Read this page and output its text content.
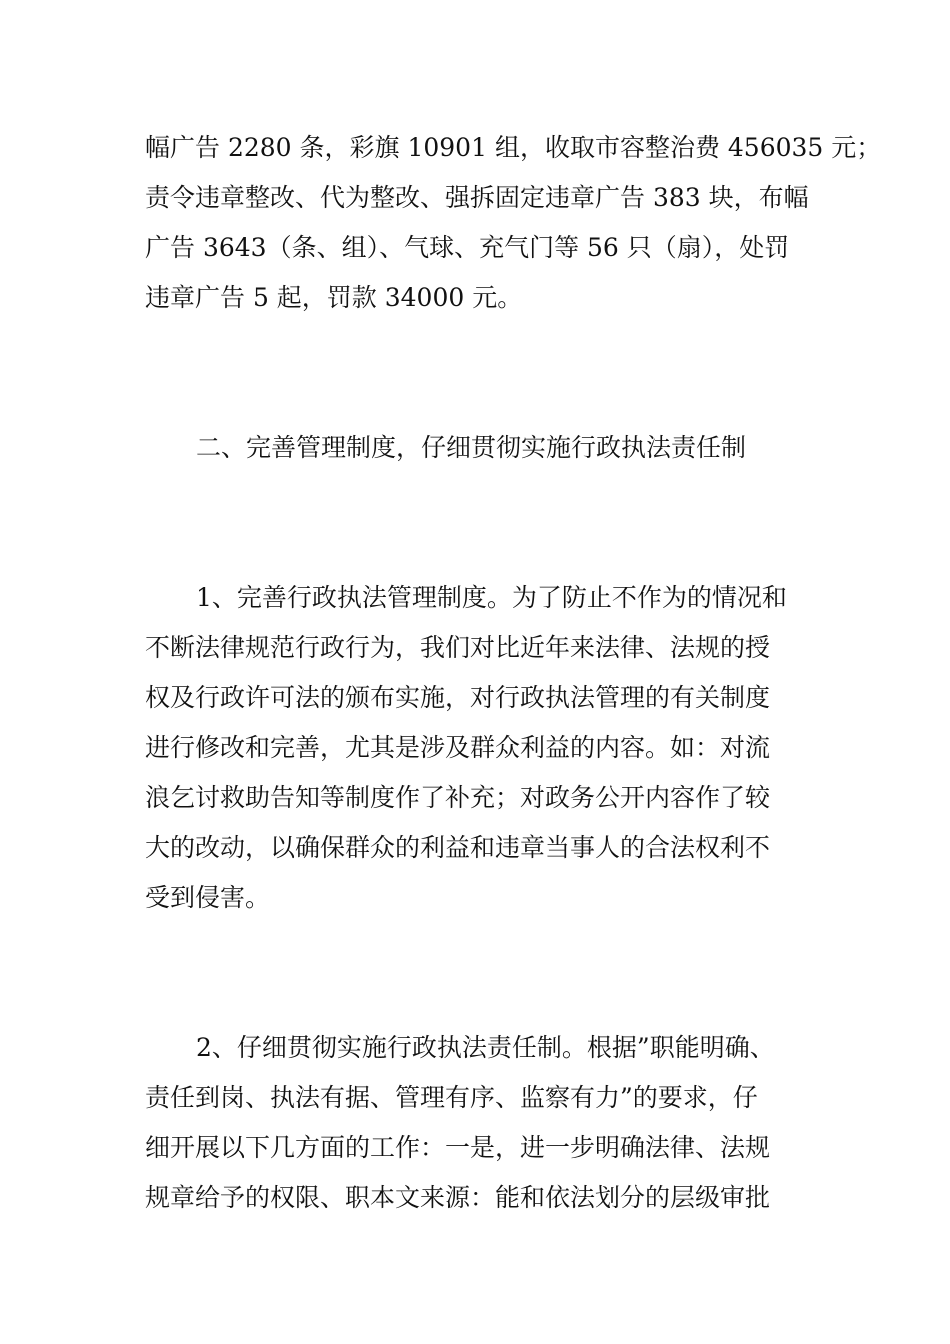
幅广告 2280 条，彩旗 10901 组，收取市容整治费 456035 元；
责令违章整改、代为整改、强拆固定违章广告 383 块，布幅
广告 3643（条、组）、气球、充气门等 56 只（扇），处罚
违章广告 5 起，罚款 34000 元。
二、完善管理制度，仔细贯彻实施行政执法责任制
1、完善行政执法管理制度。为了防止不作为的情况和
不断法律规范行政行为，我们对比近年来法律、法规的授
权及行政许可法的颁布实施，对行政执法管理的有关制度
进行修改和完善，尤其是涉及群众利益的内容。如：对流
浪乞讨救助告知等制度作了补充；对政务公开内容作了较
大的改动，以确保群众的利益和违章当事人的合法权利不
受到侵害。
2、仔细贯彻实施行政执法责任制。根据”职能明确、
责任到岗、执法有据、管理有序、监察有力”的要求，仔
细开展以下几方面的工作：一是，进一步明确法律、法规
规章给予的权限、职本文来源：能和依法划分的层级审批
